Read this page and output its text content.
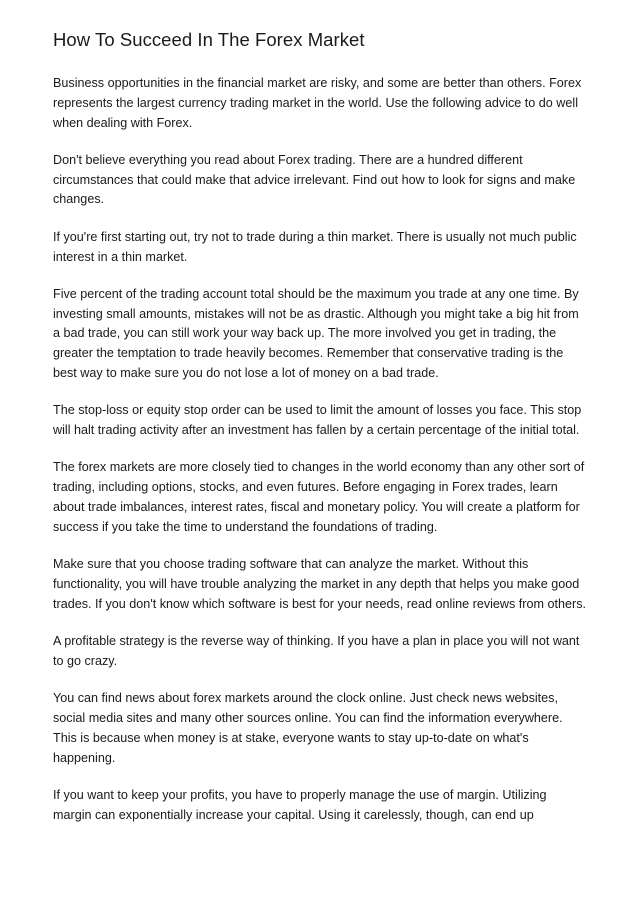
How To Succeed In The Forex Market

Business opportunities in the financial market are risky, and some are better than others. Forex represents the largest currency trading market in the world. Use the following advice to do well when dealing with Forex.

Don't believe everything you read about Forex trading. There are a hundred different circumstances that could make that advice irrelevant. Find out how to look for signs and make changes.

If you're first starting out, try not to trade during a thin market. There is usually not much public interest in a thin market.

Five percent of the trading account total should be the maximum you trade at any one time. By investing small amounts, mistakes will not be as drastic. Although you might take a big hit from a bad trade, you can still work your way back up. The more involved you get in trading, the greater the temptation to trade heavily becomes. Remember that conservative trading is the best way to make sure you do not lose a lot of money on a bad trade.

The stop-loss or equity stop order can be used to limit the amount of losses you face. This stop will halt trading activity after an investment has fallen by a certain percentage of the initial total.

The forex markets are more closely tied to changes in the world economy than any other sort of trading, including options, stocks, and even futures. Before engaging in Forex trades, learn about trade imbalances, interest rates, fiscal and monetary policy. You will create a platform for success if you take the time to understand the foundations of trading.

Make sure that you choose trading software that can analyze the market. Without this functionality, you will have trouble analyzing the market in any depth that helps you make good trades. If you don't know which software is best for your needs, read online reviews from others.

A profitable strategy is the reverse way of thinking. If you have a plan in place you will not want to go crazy.

You can find news about forex markets around the clock online. Just check news websites, social media sites and many other sources online. You can find the information everywhere. This is because when money is at stake, everyone wants to stay up-to-date on what's happening.

If you want to keep your profits, you have to properly manage the use of margin. Utilizing margin can exponentially increase your capital. Using it carelessly, though, can end up
